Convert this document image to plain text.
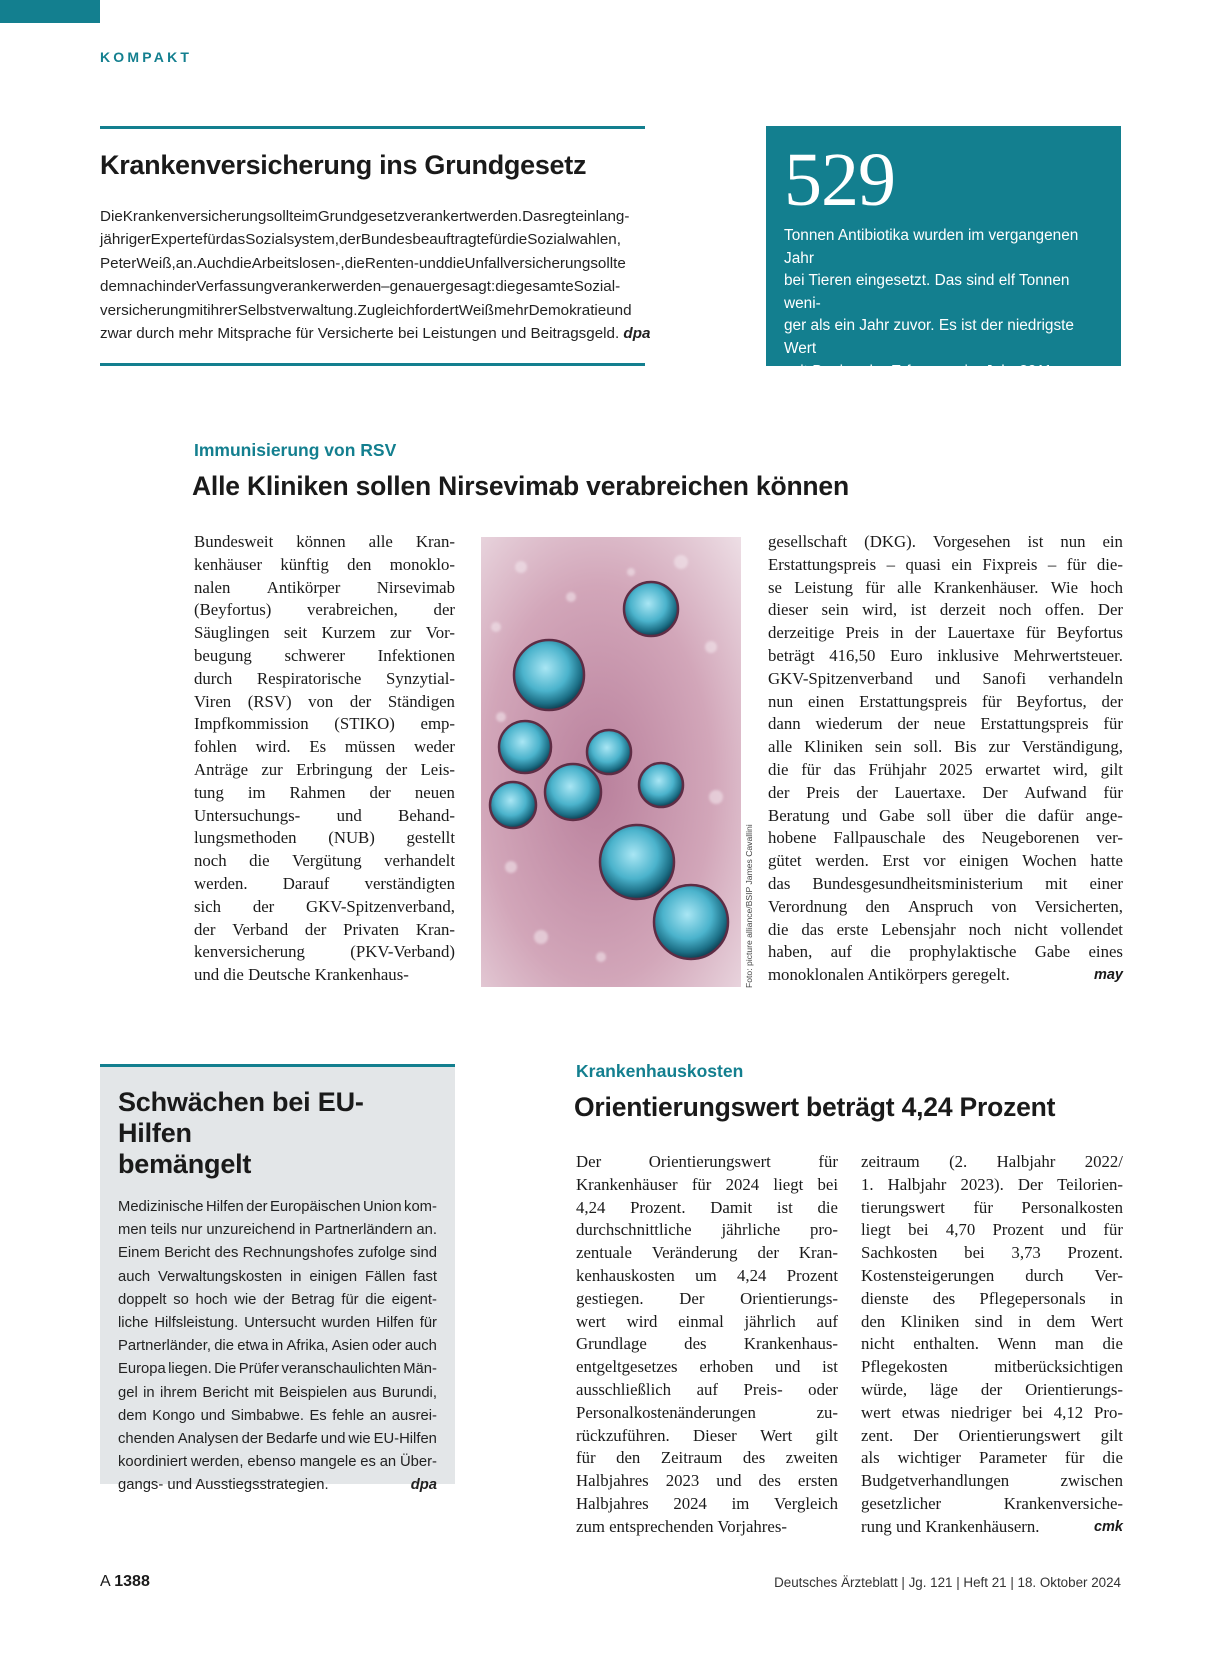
KOMPAKT
Krankenversicherung ins Grundgesetz
DieKrankenversicherungsollteimGrundgesetzverankertwerden.Dasregteinlang-
jährigerExpertefürdasSozialsystem,derBundesbeauftragtefürdieSozialwahlen,
PeterWeiß,an.AuchdieArbeitslosen-,dieRenten-unddieUnfallversicherungsollte
demnachinderVerfassungverankerwerden–genauergesagt:diegesamteSozial-
versicherungmitihrerSelbstverwaltung.ZugleichfordertWeißmehrDemokratieund
zwar durch mehr Mitsprache für Versicherte bei Leistungen und Beitragsgeld. dpa
529
Tonnen Antibiotika wurden im vergangenen Jahr
bei Tieren eingesetzt. Das sind elf Tonnen weni-
ger als ein Jahr zuvor. Es ist der niedrigste Wert
seit Beginn der Erfassung im Jahr 2011.
Quelle: Bundesamt für Verbraucherschutz und Lebensmittelsicherheit
Immunisierung von RSV
Alle Kliniken sollen Nirsevimab verabreichen können
Bundesweit können alle Kran-
kenhäuser künftig den monoklo-
nalen Antikörper Nirsevimab
(Beyfortus) verabreichen, der
Säuglingen seit Kurzem zur Vor-
beugung schwerer Infektionen
durch Respiratorische Synzytial-
Viren (RSV) von der Ständigen
Impfkommission (STIKO) emp-
fohlen wird. Es müssen weder
Anträge zur Erbringung der Leis-
tung im Rahmen der neuen
Untersuchungs- und Behand-
lungsmethoden (NUB) gestellt
noch die Vergütung verhandelt
werden. Darauf verständigten
sich der GKV-Spitzenverband,
der Verband der Privaten Kran-
kenversicherung	(PKV-Verband)
und die Deutsche Krankenhaus-	Foto: picture alliance/BSIP James Cavallini
gesellschaft (DKG). Vorgesehen ist nun ein
Erstattungspreis – quasi ein Fixpreis – für die-
se Leistung für alle Krankenhäuser. Wie hoch
dieser sein wird, ist derzeit noch offen. Der
derzeitige Preis in der Lauertaxe für Beyfortus
beträgt 416,50 Euro inklusive Mehrwertsteuer.
GKV-Spitzenverband und Sanofi verhandeln
nun einen Erstattungspreis für Beyfortus, der
dann wiederum der neue Erstattungspreis für
alle Kliniken sein soll. Bis zur Verständigung,
die für das Frühjahr 2025 erwartet wird, gilt
der Preis der Lauertaxe. Der Aufwand für
Beratung und Gabe soll über die dafür ange-
hobene Fallpauschale des Neugeborenen ver-
gütet werden. Erst vor einigen Wochen hatte
das Bundesgesundheitsministerium mit einer
Verordnung den Anspruch von Versicherten,
die das erste Lebensjahr noch nicht vollendet
haben, auf die prophylaktische Gabe eines
monoklonalen Antikörpers geregelt.	may
Schwächen bei EU-Hilfen
bemängelt
Medizinische Hilfen der Europäischen Union kom-
men teils nur unzureichend in Partnerländern an.
Einem Bericht des Rechnungshofes zufolge sind
auch Verwaltungskosten in einigen Fällen fast
doppelt so hoch wie der Betrag für die eigent-
liche Hilfsleistung. Untersucht wurden Hilfen für
Partnerländer, die etwa in Afrika, Asien oder auch
Europa liegen. Die Prüfer veranschaulichten Män-
gel in ihrem Bericht mit Beispielen aus Burundi,
dem Kongo und Simbabwe. Es fehle an ausrei-
chenden Analysen der Bedarfe und wie EU-Hilfen
koordiniert werden, ebenso mangele es an Über-
gangs- und Ausstiegsstrategien.	dpa
Krankenhauskosten
Orientierungswert beträgt 4,24 Prozent
Der	Orientierungswert	für
Krankenhäuser für 2024 liegt bei
4,24 Prozent. Damit ist die
durchschnittliche jährliche pro-
zentuale Veränderung der Kran-
kenhauskosten um 4,24 Prozent
gestiegen. Der Orientierungs-
wert wird einmal jährlich auf
Grundlage des Krankenhaus-
entgeltgesetzes erhoben und ist
ausschließlich auf Preis- oder
Personalkostenänderungen	zu-
rückzuführen. Dieser Wert gilt
für den Zeitraum des zweiten
Halbjahres 2023 und des ersten
Halbjahres 2024 im Vergleich
zum entsprechenden Vorjahres-
zeitraum (2. Halbjahr 2022/
1. Halbjahr 2023). Der Teilorien-
tierungswert für Personalkosten
liegt bei 4,70 Prozent und für
Sachkosten bei 3,73 Prozent.
Kostensteigerungen durch Ver-
dienste des Pflegepersonals in
den Kliniken sind in dem Wert
nicht enthalten. Wenn man die
Pflegekosten	mitberücksichtigen
würde, läge der Orientierungs-
wert etwas niedriger bei 4,12 Pro-
zent. Der Orientierungswert gilt
als wichtiger Parameter für die
Budgetverhandlungen	zwischen
gesetzlicher	Krankenversiche-
rung und Krankenhäusern.	cmk
A 1388	Deutsches Ärzteblatt | Jg. 121 | Heft 21 | 18. Oktober 2024
